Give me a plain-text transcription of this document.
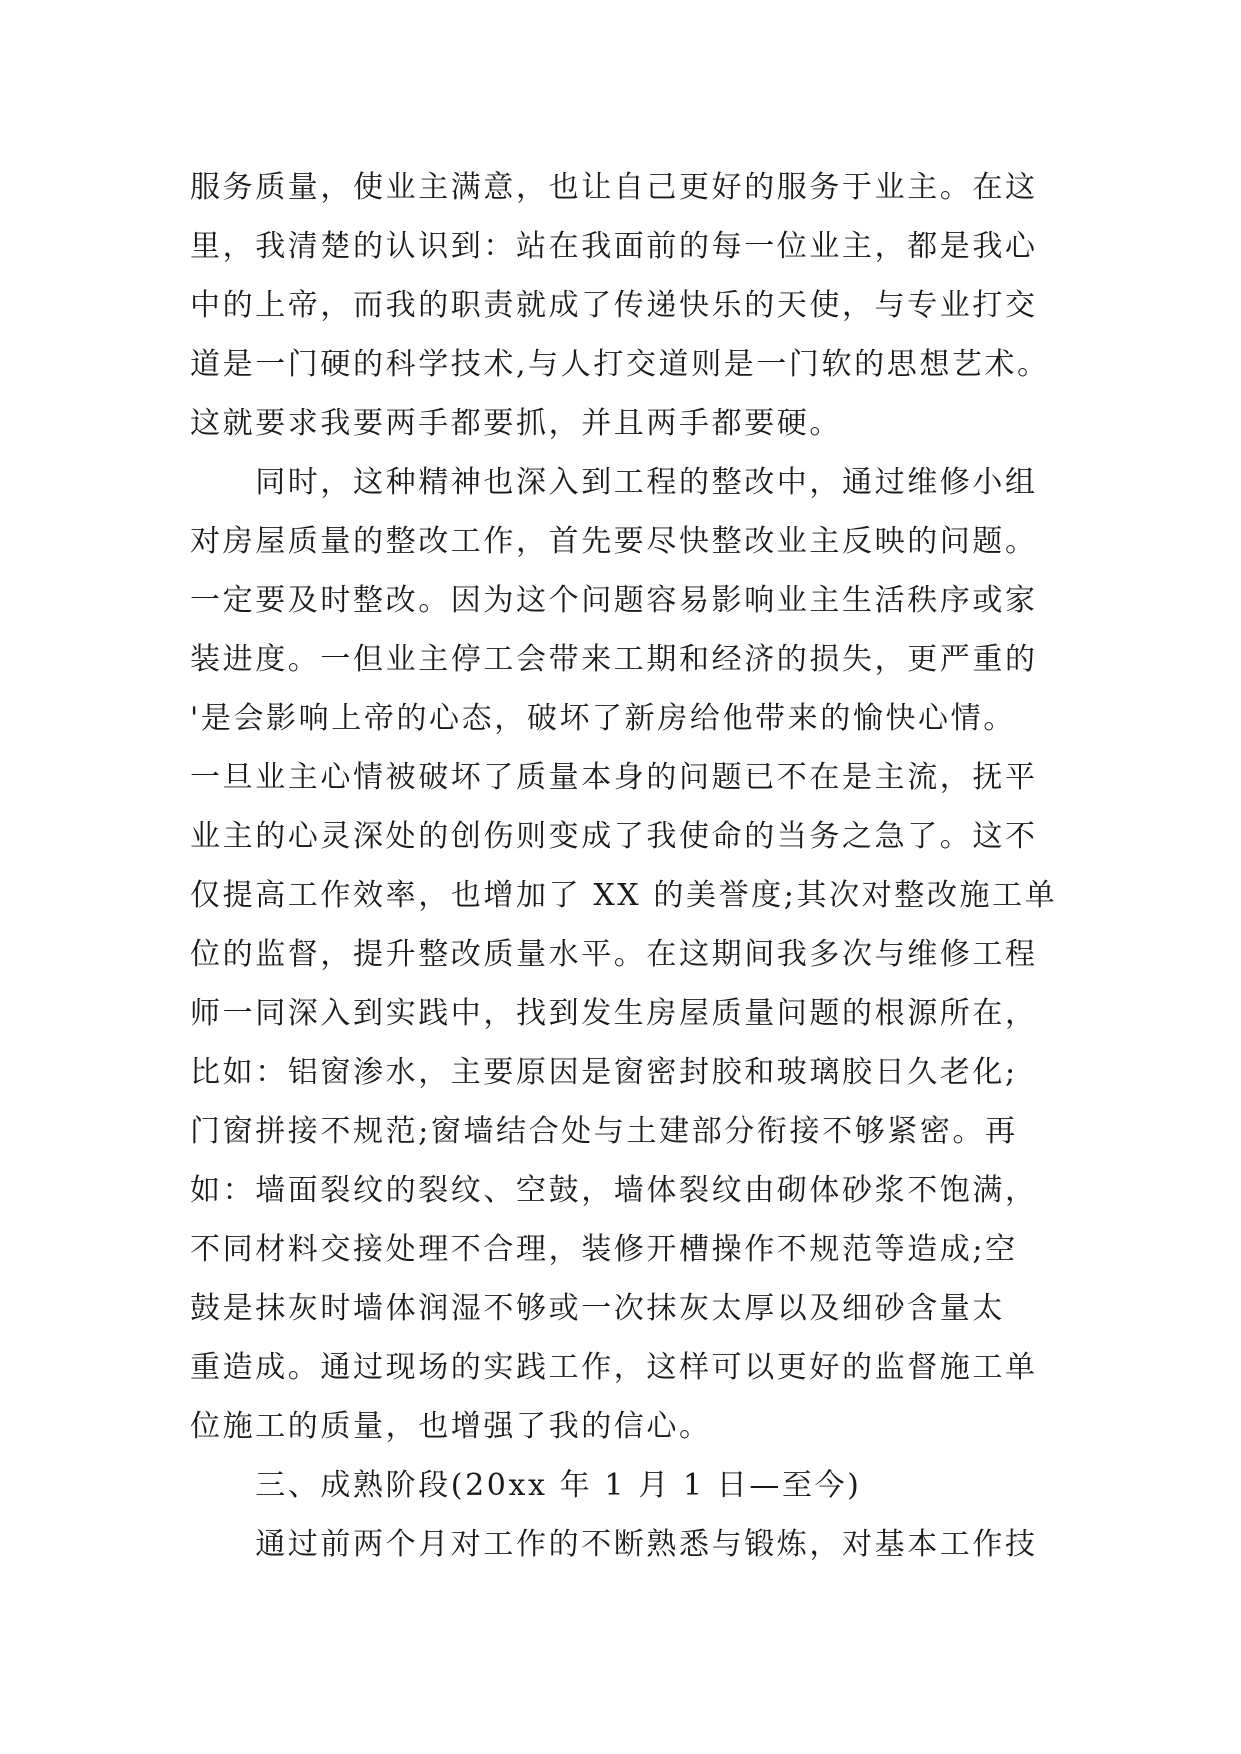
服务质量，使业主满意，也让自己更好的服务于业主。在这
里，我清楚的认识到：站在我面前的每一位业主，都是我心
中的上帝，而我的职责就成了传递快乐的天使，与专业打交
道是一门硬的科学技术,与人打交道则是一门软的思想艺术。
这就要求我要两手都要抓，并且两手都要硬。
　　同时，这种精神也深入到工程的整改中，通过维修小组
对房屋质量的整改工作，首先要尽快整改业主反映的问题。
一定要及时整改。因为这个问题容易影响业主生活秩序或家
装进度。一但业主停工会带来工期和经济的损失，更严重的
'是会影响上帝的心态，破坏了新房给他带来的愉快心情。
一旦业主心情被破坏了质量本身的问题已不在是主流，抚平
业主的心灵深处的创伤则变成了我使命的当务之急了。这不
仅提高工作效率，也增加了 XX 的美誉度;其次对整改施工单
位的监督，提升整改质量水平。在这期间我多次与维修工程
师一同深入到实践中，找到发生房屋质量问题的根源所在，
比如：铝窗渗水，主要原因是窗密封胶和玻璃胶日久老化;
门窗拼接不规范;窗墙结合处与土建部分衔接不够紧密。再
如：墙面裂纹的裂纹、空鼓，墙体裂纹由砌体砂浆不饱满，
不同材料交接处理不合理，装修开槽操作不规范等造成;空
鼓是抹灰时墙体润湿不够或一次抹灰太厚以及细砂含量太
重造成。通过现场的实践工作，这样可以更好的监督施工单
位施工的质量，也增强了我的信心。
　　三、成熟阶段(20xx 年 1 月 1 日—至今)
　　通过前两个月对工作的不断熟悉与锻炼，对基本工作技
